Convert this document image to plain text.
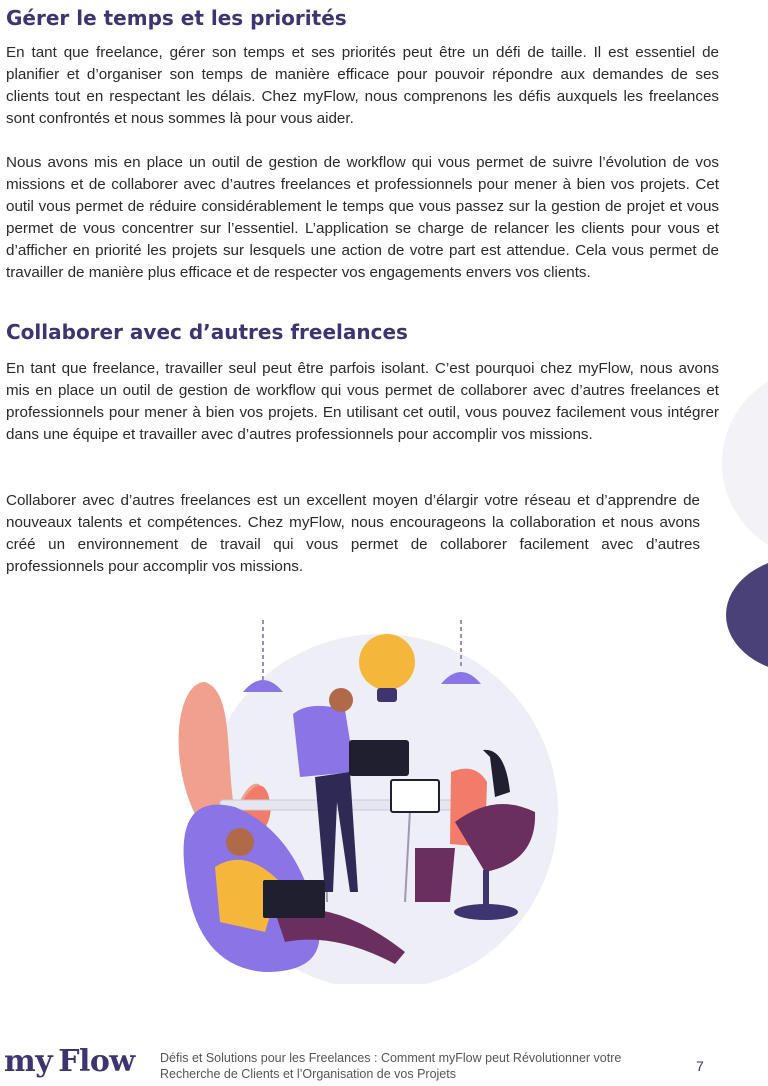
Gérer le temps et les priorités

En tant que freelance, gérer son temps et ses priorités peut être un défi de taille. Il est essentiel de planifier et d’organiser son temps de manière efficace pour pouvoir répondre aux demandes de ses clients tout en respectant les délais. Chez myFlow, nous comprenons les défis auxquels les freelances sont confrontés et nous sommes là pour vous aider.

Nous avons mis en place un outil de gestion de workflow qui vous permet de suivre l’évolution de vos missions et de collaborer avec d’autres freelances et professionnels pour mener à bien vos projets. Cet outil vous permet de réduire considérablement le temps que vous passez sur la gestion de projet et vous permet de vous concentrer sur l’essentiel. L’application se charge de relancer les clients pour vous et d’afficher en priorité les projets sur lesquels une action de votre part est attendue. Cela vous permet de travailler de manière plus efficace et de respecter vos engagements envers vos clients.

Collaborer avec d’autres freelances

En tant que freelance, travailler seul peut être parfois isolant. C’est pourquoi chez myFlow, nous avons mis en place un outil de gestion de workflow qui vous permet de collaborer avec d’autres freelances et professionnels pour mener à bien vos projets. En utilisant cet outil, vous pouvez facilement vous intégrer dans une équipe et travailler avec d’autres professionnels pour accomplir vos missions.

Collaborer avec d’autres freelances est un excellent moyen d’élargir votre réseau et d’apprendre de nouveaux talents et compétences. Chez myFlow, nous encourageons la collaboration et nous avons créé un environnement de travail qui vous permet de collaborer facilement avec d’autres professionnels pour accomplir vos missions.

my Flow Défis et Solutions pour les Freelances : Comment myFlow peut Révolutionner votre
Recherche de Clients et l’Organisation de vos Projets	7
